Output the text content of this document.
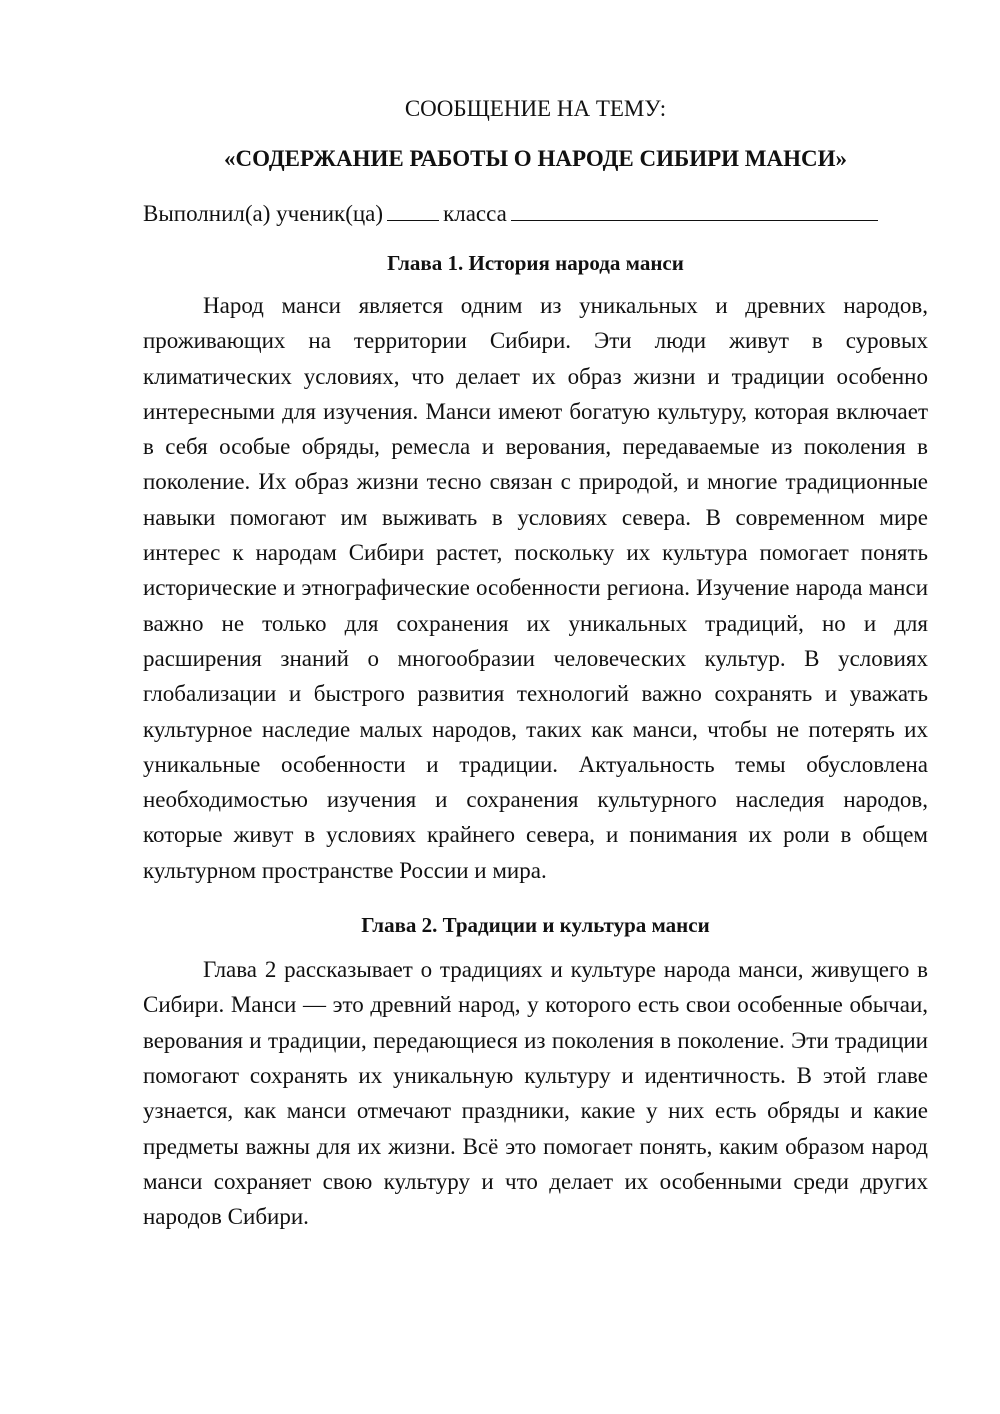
СООБЩЕНИЕ НА ТЕМУ:

«СОДЕРЖАНИЕ РАБОТЫ О НАРОДЕ СИБИРИ МАНСИ»

Выполнил(а) ученик(ца)	класса

Глава 1. История народа манси

Народ манси является одним из уникальных и древних народов, проживающих на территории Сибири. Эти люди живут в суровых климатических условиях, что делает их образ жизни и традиции особенно интересными для изучения. Манси имеют богатую культуру, которая включает в себя особые обряды, ремесла и верования, передаваемые из поколения в поколение. Их образ жизни тесно связан с природой, и многие традиционные навыки помогают им выживать в условиях севера. В современном мире интерес к народам Сибири растет, поскольку их культура помогает понять исторические и этнографические особенности региона. Изучение народа манси важно не только для сохранения их уникальных традиций, но и для расширения знаний о многообразии человеческих культур. В условиях глобализации и быстрого развития технологий важно сохранять и уважать культурное наследие малых народов, таких как манси, чтобы не потерять их уникальные особенности и традиции. Актуальность темы обусловлена необходимостью изучения и сохранения культурного наследия народов, которые живут в условиях крайнего севера, и понимания их роли в общем культурном пространстве России и мира.

Глава 2. Традиции и культура манси

Глава 2 рассказывает о традициях и культуре народа манси, живущего в Сибири. Манси — это древний народ, у которого есть свои особенные обычаи, верования и традиции, передающиеся из поколения в поколение. Эти традиции помогают сохранять их уникальную культуру и идентичность. В этой главе узнается, как манси отмечают праздники, какие у них есть обряды и какие предметы важны для их жизни. Всё это помогает понять, каким образом народ манси сохраняет свою культуру и что делает их особенными среди других народов Сибири.
